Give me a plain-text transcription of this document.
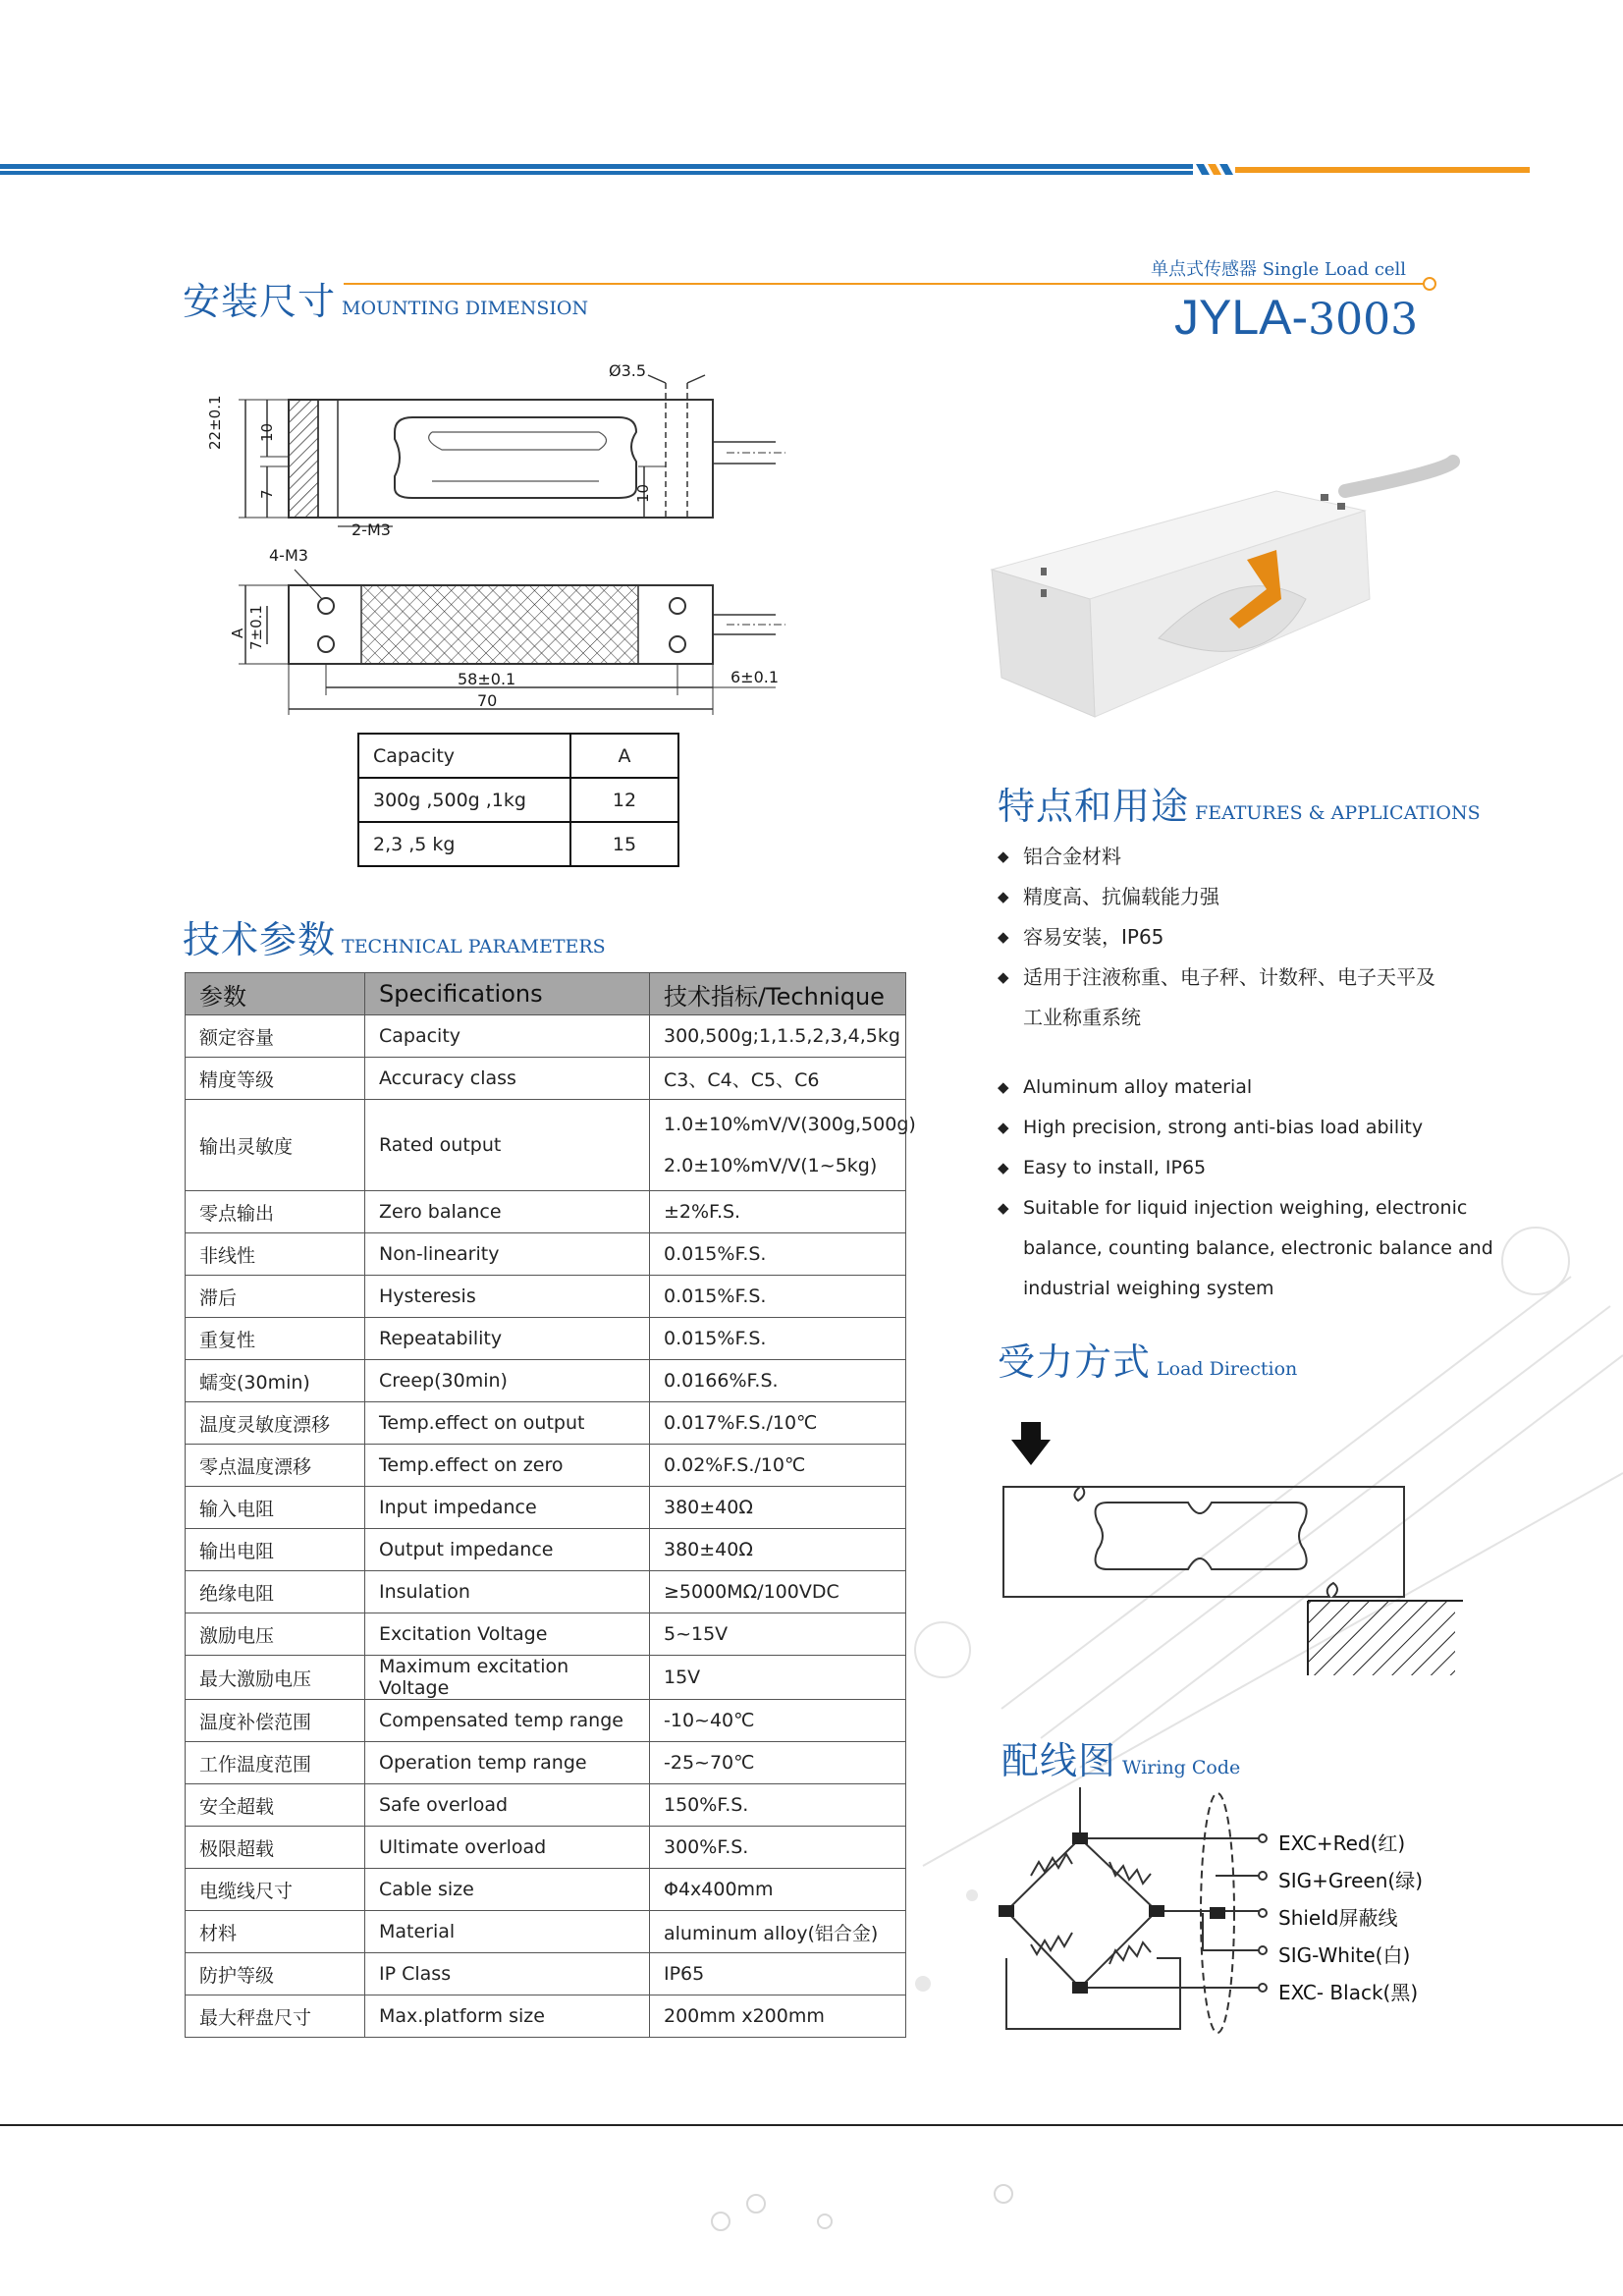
单点式传感器 Single Load cell
JYLA-3003
安装尺寸 MOUNTING DIMENSION
Ø3.5
22±0.1 10
7	10
2-M3
4-M3
A 7±0.1
58±0.1
70
6±0.1
Capacity	A
300g ,500g ,1kg	12
2,3 ,5 kg	15
特点和用途 FEATURES & APPLICATIONS
◆ 铝合金材料
◆ 精度高、抗偏载能力强
◆ 容易安装，IP65
◆ 适用于注液称重、电子秤、计数秤、电子天平及
工业称重系统
◆ Aluminum alloy material
◆ High precision, strong anti-bias load ability
◆ Easy to install, IP65
◆ Suitable for liquid injection weighing, electronic
balance, counting balance, electronic balance and
industrial weighing system
技术参数 TECHNICAL PARAMETERS
参数	Specifications	技术指标/Technique
额定容量	Capacity	300,500g;1,1.5,2,3,4,5kg
精度等级	Accuracy class	C3、C4、C5、C6
输出灵敏度	Rated output	1.0±10%mV/V(300g,500g)
2.0±10%mV/V(1~5kg)

零点输出	Zero balance	±2%F.S.
非线性	Non-linearity	0.015%F.S.
滞后	Hysteresis	0.015%F.S.
重复性	Repeatability	0.015%F.S.
蠕变(30min)	Creep(30min)	0.0166%F.S.
温度灵敏度漂移	Temp.effect on output	0.017%F.S./10℃
零点温度漂移	Temp.effect on zero	0.02%F.S./10℃
输入电阻	Input impedance	380±40Ω
输出电阻	Output impedance	380±40Ω
绝缘电阻	Insulation	≥5000MΩ/100VDC
激励电压	Excitation Voltage	5~15V
最大激励电压	Maximum excitation Voltage	15V
温度补偿范围	Compensated temp range	-10~40℃
工作温度范围	Operation temp range	-25~70℃
安全超载	Safe overload	150%F.S.
极限超载	Ultimate overload	300%F.S.
电缆线尺寸	Cable size	Φ4x400mm
材料	Material	aluminum alloy(铝合金)
防护等级	IP Class	IP65
最大秤盘尺寸	Max.platform size	200mm x200mm
受力方式 Load Direction
配线图 Wiring Code
EXC+Red(红)
SIG+Green(绿)
Shield屏蔽线
SIG-White(白)
EXC- Black(黑)
